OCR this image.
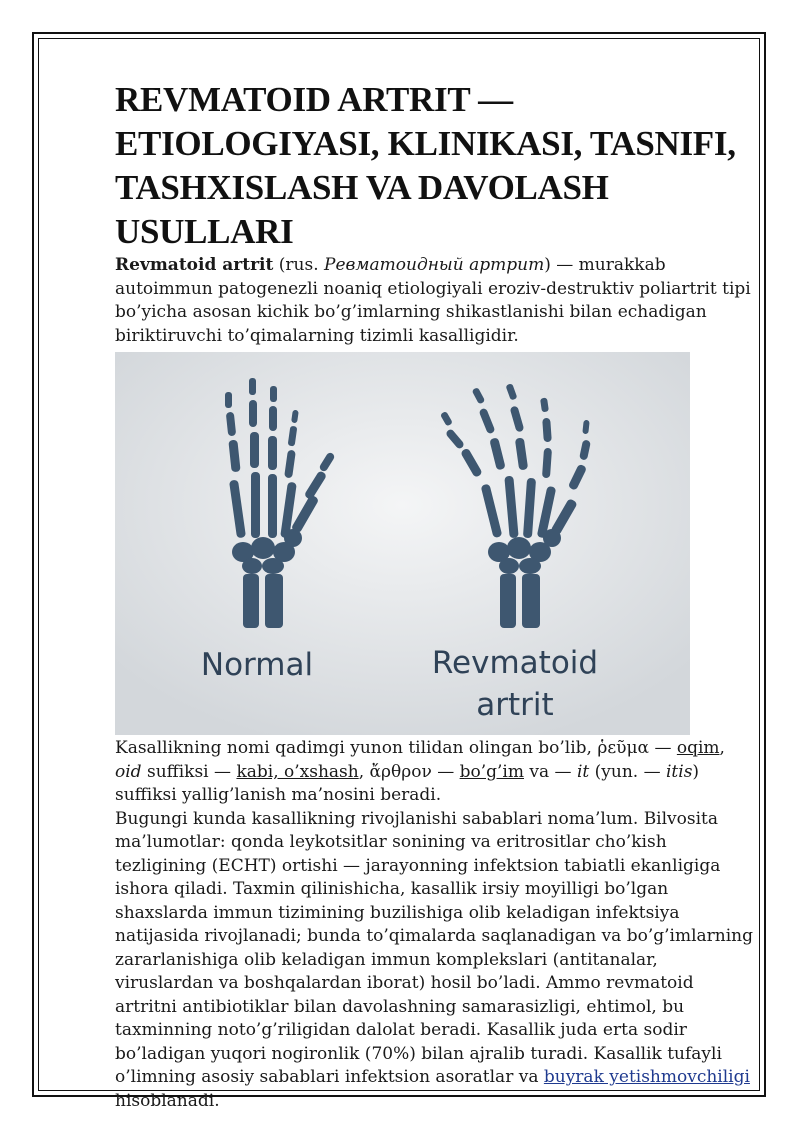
REVMATOID ARTRIT — ETIOLOGIYASI, KLINIKASI, TASNIFI, TASHXISLASH VA DAVOLASH USULLARI

Revmatoid artrit (rus. Ревматоидный артрит) — murakkab autoimmun patogenezli noaniq etiologiyali eroziv-destruktiv poliartrit tipi bo’yicha asosan kichik bo’g’imlarning shikastlanishi bilan echadigan biriktiruvchi to’qimalarning tizimli kasalligidir.

Normal	Revmatoid
artrit

Kasallikning nomi qadimgi yunon tilidan olingan bo’lib, ῥεῦμα — oqim, oid suffiksi — kabi, o’xshash, ἄρθρον — bo’g’im va — it (yun. — itis) suffiksi yallig’lanish ma’nosini beradi.

Bugungi kunda kasallikning rivojlanishi sabablari noma’lum. Bilvosita ma’lumotlar: qonda leykotsitlar sonining va eritrositlar cho’kish tezligining (ECHT) ortishi — jarayonning infektsion tabiatli ekanligiga ishora qiladi. Taxmin qilinishicha, kasallik irsiy moyilligi bo’lgan shaxslarda immun tizimining buzilishiga olib keladigan infektsiya natijasida rivojlanadi; bunda to’qimalarda saqlanadigan va bo’g’imlarning zararlanishiga olib keladigan immun komplekslari (antitanalar, viruslardan va boshqalardan iborat) hosil bo’ladi. Ammo revmatoid artritni antibiotiklar bilan davolashning samarasizligi, ehtimol, bu taxminning noto’g’riligidan dalolat beradi. Kasallik juda erta sodir bo’ladigan yuqori nogironlik (70%) bilan ajralib turadi. Kasallik tufayli o’limning asosiy sabablari infektsion asoratlar va buyrak yetishmovchiligi hisoblanadi.
